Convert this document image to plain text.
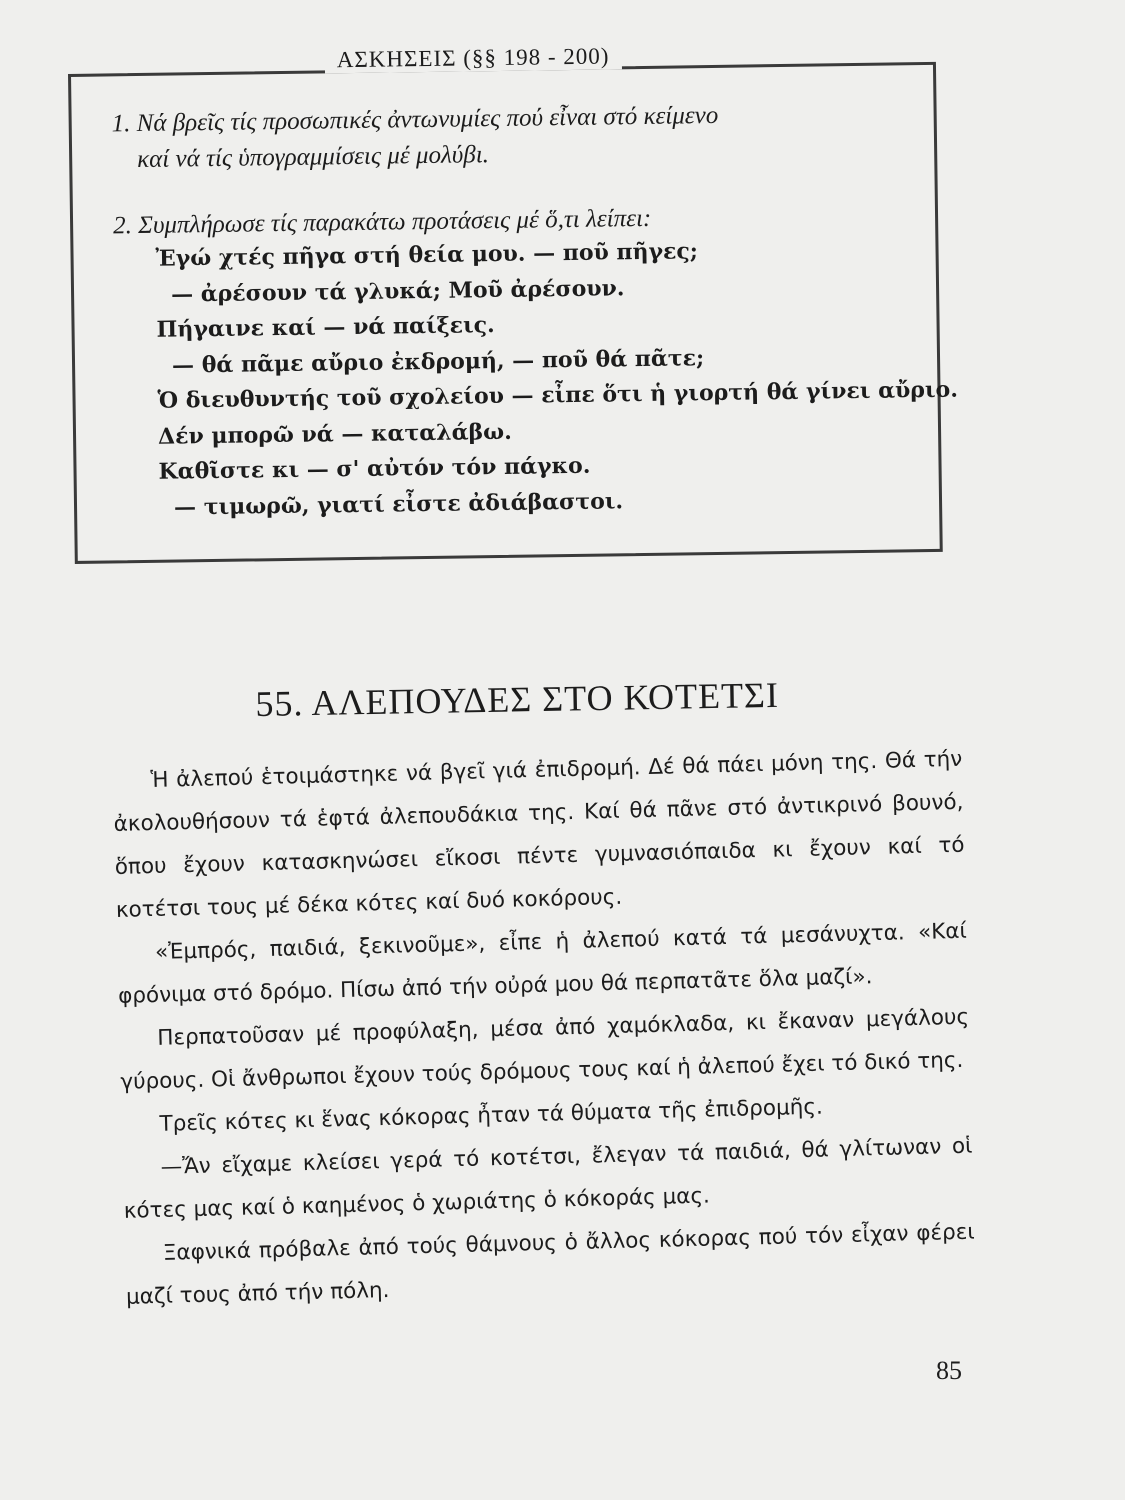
ΑΣΚΗΣΕΙΣ (§§ 198 - 200)
1. Νά βρεῖς τίς προσωπικές ἀντωνυμίες πού εἶναι στό κείμενο
καί νά τίς ὑπογραμμίσεις μέ μολύβι.
2. Συμπλήρωσε τίς παρακάτω προτάσεις μέ ὅ,τι λείπει:
Ἐγώ χτές πῆγα στή θεία μου. — ποῦ πῆγες;
— ἀρέσουν τά γλυκά; Μοῦ ἀρέσουν.
Πήγαινε καί — νά παίξεις.
— θά πᾶμε αὔριο ἐκδρομή, — ποῦ θά πᾶτε;
Ὁ διευθυντής τοῦ σχολείου — εἶπε ὅτι ἡ γιορτή θά γίνει αὔριο.
Δέν μπορῶ νά — καταλάβω.
Καθῖστε κι — σ' αὐτόν τόν πάγκο.
— τιμωρῶ, γιατί εἶστε ἀδιάβαστοι.
55. ΑΛΕΠΟΥΔΕΣ ΣΤΟ ΚΟΤΕΤΣΙ

Ἡ ἀλεπού ἑτοιμάστηκε νά βγεῖ γιά ἐπιδρομή. Δέ θά πάει μόνη της. Θά τήν ἀκολουθήσουν τά ἑφτά ἀλεπουδάκια της. Καί θά πᾶνε στό ἀντικρινό βουνό, ὅπου ἔχουν κατασκηνώσει εἴκοσι πέντε γυμνασιόπαιδα κι ἔχουν καί τό κοτέτσι τους μέ δέκα κότες καί δυό κοκόρους.

«Ἐμπρός, παιδιά, ξεκινοῦμε», εἶπε ἡ ἀλεπού κατά τά μεσάνυχτα. «Καί φρόνιμα στό δρόμο. Πίσω ἀπό τήν οὐρά μου θά περπατᾶτε ὅλα μαζί».

Περπατοῦσαν μέ προφύλαξη, μέσα ἀπό χαμόκλαδα, κι ἔκαναν μεγάλους γύρους. Οἱ ἄνθρωποι ἔχουν τούς δρόμους τους καί ἡ ἀλεπού ἔχει τό δικό της.

Τρεῖς κότες κι ἕνας κόκορας ἦταν τά θύματα τῆς ἐπιδρομῆς.

—Ἄν εἴχαμε κλείσει γερά τό κοτέτσι, ἔλεγαν τά παιδιά, θά γλίτωναν οἱ κότες μας καί ὁ καημένος ὁ χωριάτης ὁ κόκοράς μας.

Ξαφνικά πρόβαλε ἀπό τούς θάμνους ὁ ἄλλος κόκορας πού τόν εἶχαν φέρει μαζί τους ἀπό τήν πόλη.

85
